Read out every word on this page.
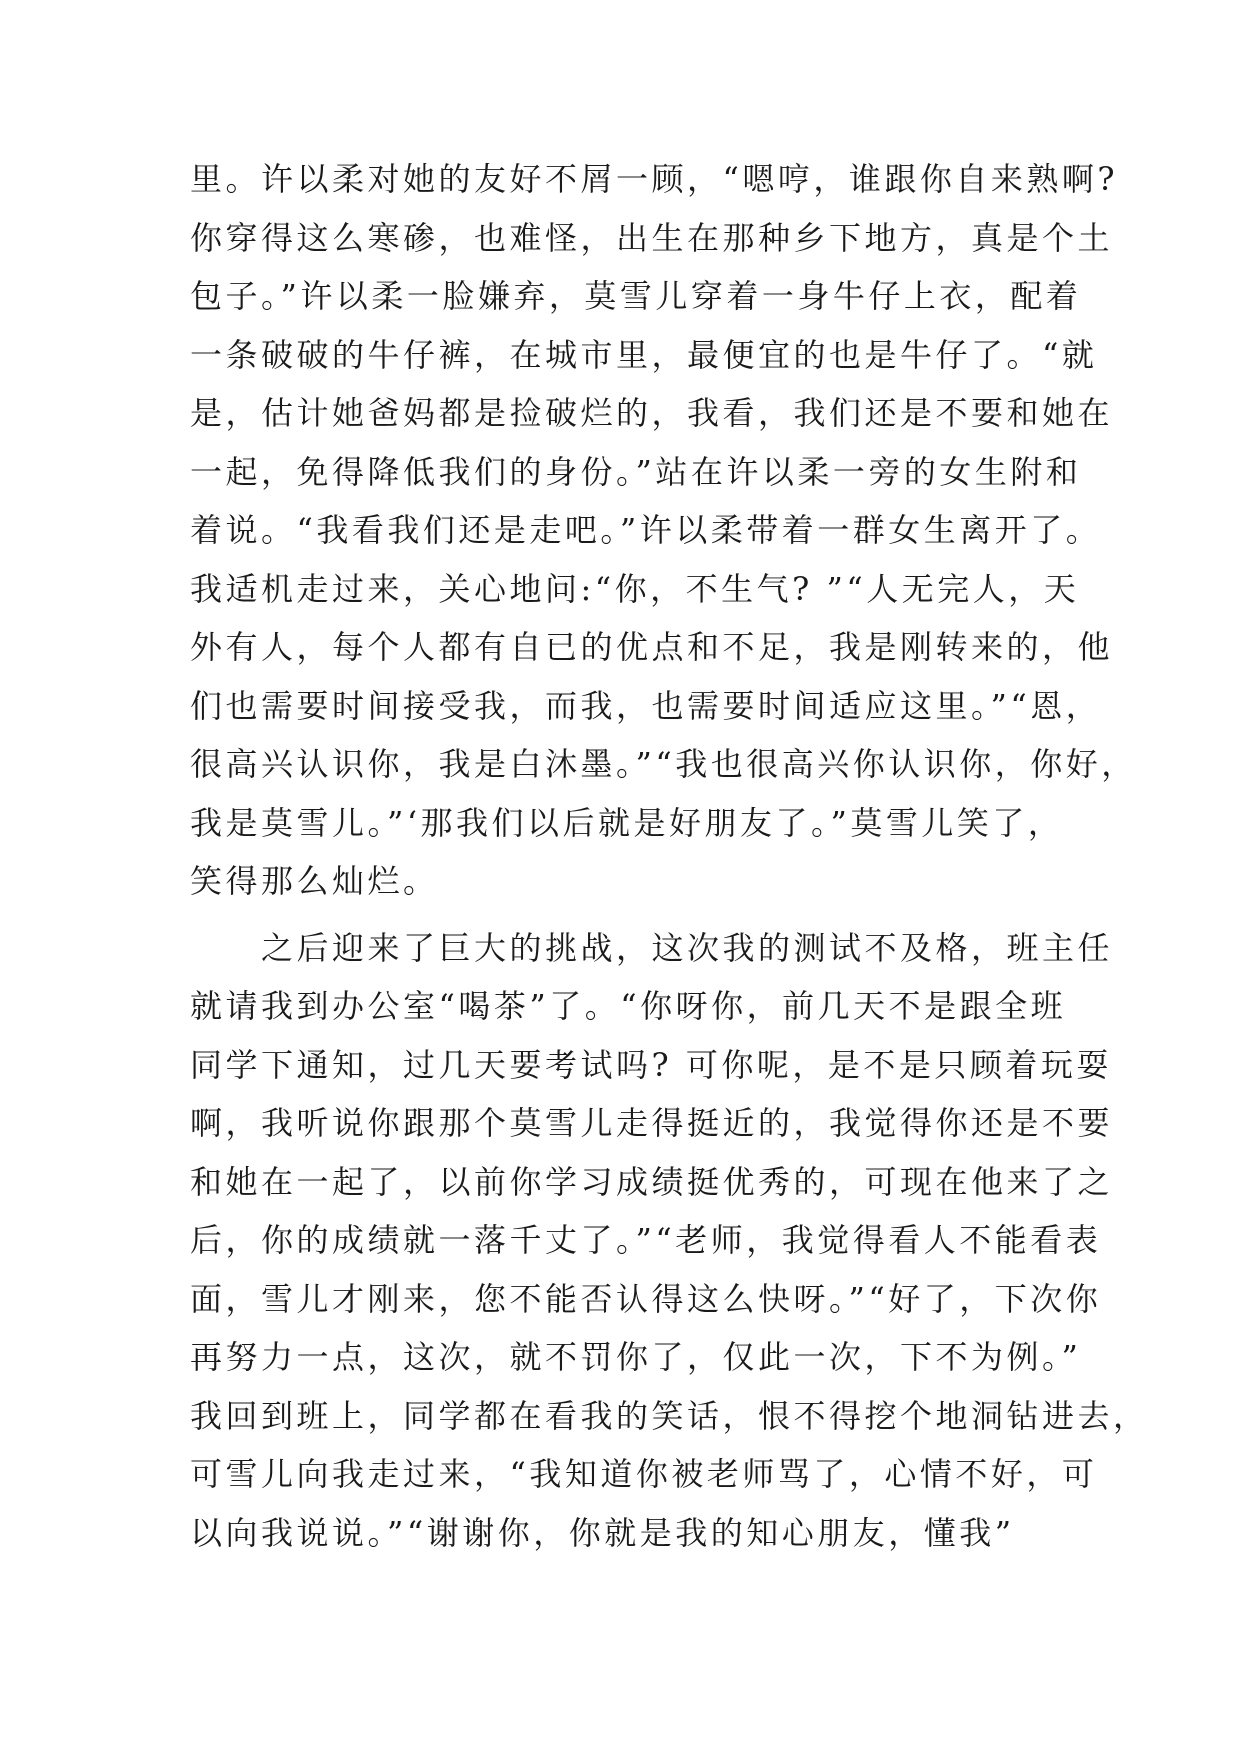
里。许以柔对她的友好不屑一顾，“嗯哼，谁跟你自来熟啊?
你穿得这么寒碜，也难怪，出生在那种乡下地方，真是个土
包子。”许以柔一脸嫌弃，莫雪儿穿着一身牛仔上衣，配着
一条破破的牛仔裤，在城市里，最便宜的也是牛仔了。“就
是，估计她爸妈都是捡破烂的，我看，我们还是不要和她在
一起，免得降低我们的身份。”站在许以柔一旁的女生附和
着说。“我看我们还是走吧。”许以柔带着一群女生离开了。
我适机走过来，关心地问:“你，不生气? ”“人无完人，天
外有人，每个人都有自已的优点和不足，我是刚转来的，他
们也需要时间接受我，而我，也需要时间适应这里。”“恩，
很高兴认识你，我是白沐墨。”“我也很高兴你认识你，你好，
我是莫雪儿。”‘那我们以后就是好朋友了。”莫雪儿笑了，
笑得那么灿烂。
　　之后迎来了巨大的挑战，这次我的测试不及格，班主任
就请我到办公室“喝茶”了。“你呀你，前几天不是跟全班
同学下通知，过几天要考试吗? 可你呢，是不是只顾着玩耍
啊，我听说你跟那个莫雪儿走得挺近的，我觉得你还是不要
和她在一起了，以前你学习成绩挺优秀的，可现在他来了之
后，你的成绩就一落千丈了。”“老师，我觉得看人不能看表
面，雪儿才刚来，您不能否认得这么快呀。”“好了，下次你
再努力一点，这次，就不罚你了，仅此一次，下不为例。”
我回到班上，同学都在看我的笑话，恨不得挖个地洞钻进去，
可雪儿向我走过来，“我知道你被老师骂了，心情不好，可
以向我说说。”“谢谢你，你就是我的知心朋友，懂我”
